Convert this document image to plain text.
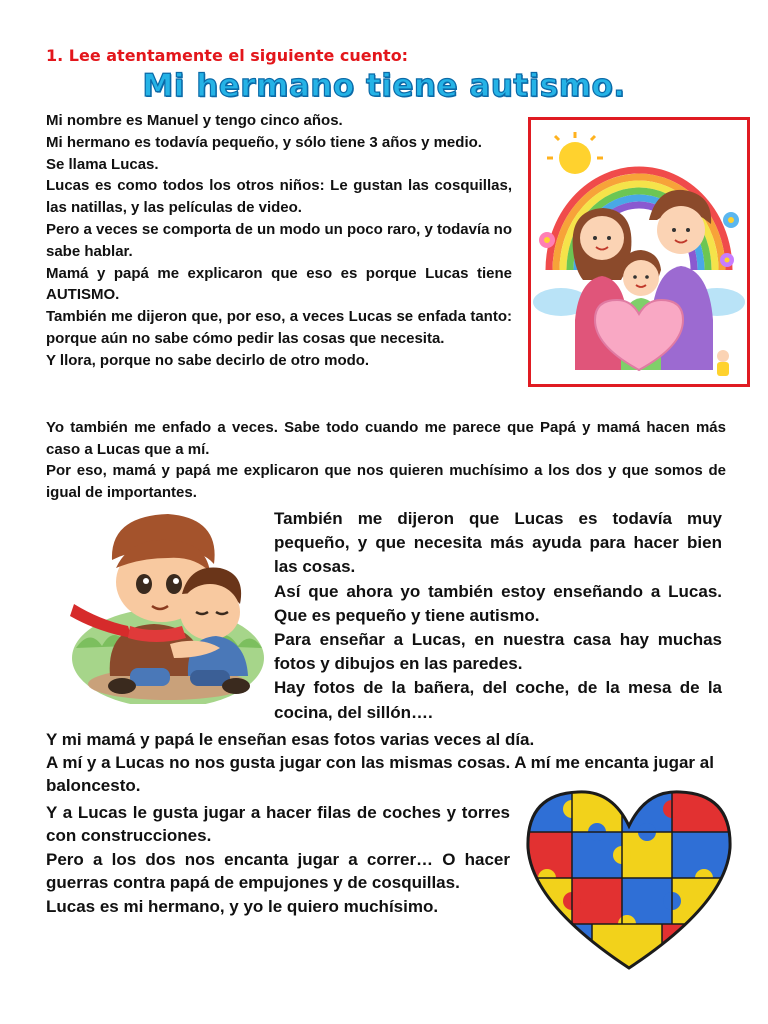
1. Lee atentamente el siguiente cuento:
Mi hermano tiene autismo.

Mi nombre es Manuel y tengo cinco años.

Mi hermano es todavía pequeño, y sólo tiene 3 años y medio.

Se llama Lucas.

Lucas es como todos los otros niños: Le gustan las cosquillas, las natillas, y las películas de video.

Pero a veces se comporta de un modo un poco raro, y todavía no sabe hablar.

Mamá y papá me explicaron que eso es porque Lucas tiene AUTISMO.

También me dijeron que, por eso, a veces Lucas se enfada tanto: porque aún no sabe cómo pedir las cosas que necesita.

Y llora, porque no sabe decirlo de otro modo.

Yo también me enfado a veces. Sabe todo cuando me parece que Papá y mamá hacen más caso a Lucas que a mí.

Por eso, mamá y papá me explicaron que nos quieren muchísimo a los dos y que somos de igual de importantes.

También me dijeron que Lucas es todavía muy pequeño, y que necesita más ayuda para hacer bien las cosas.

Así que ahora yo también estoy enseñando a Lucas. Que es pequeño y tiene autismo.

Para enseñar a Lucas, en nuestra casa hay muchas fotos y dibujos en las paredes.

Hay fotos de la bañera, del coche, de la mesa de la cocina, del sillón….

Y mi mamá y papá le enseñan esas fotos varias veces al día.

A mí y a Lucas no nos gusta jugar con las mismas cosas. A mí me encanta jugar al baloncesto.

Y a Lucas le gusta jugar a hacer filas de coches y torres con construcciones.

Pero a los dos nos encanta jugar a correr… O hacer guerras contra papá de empujones y de cosquillas.

Lucas es mi hermano, y yo le quiero muchísimo.
